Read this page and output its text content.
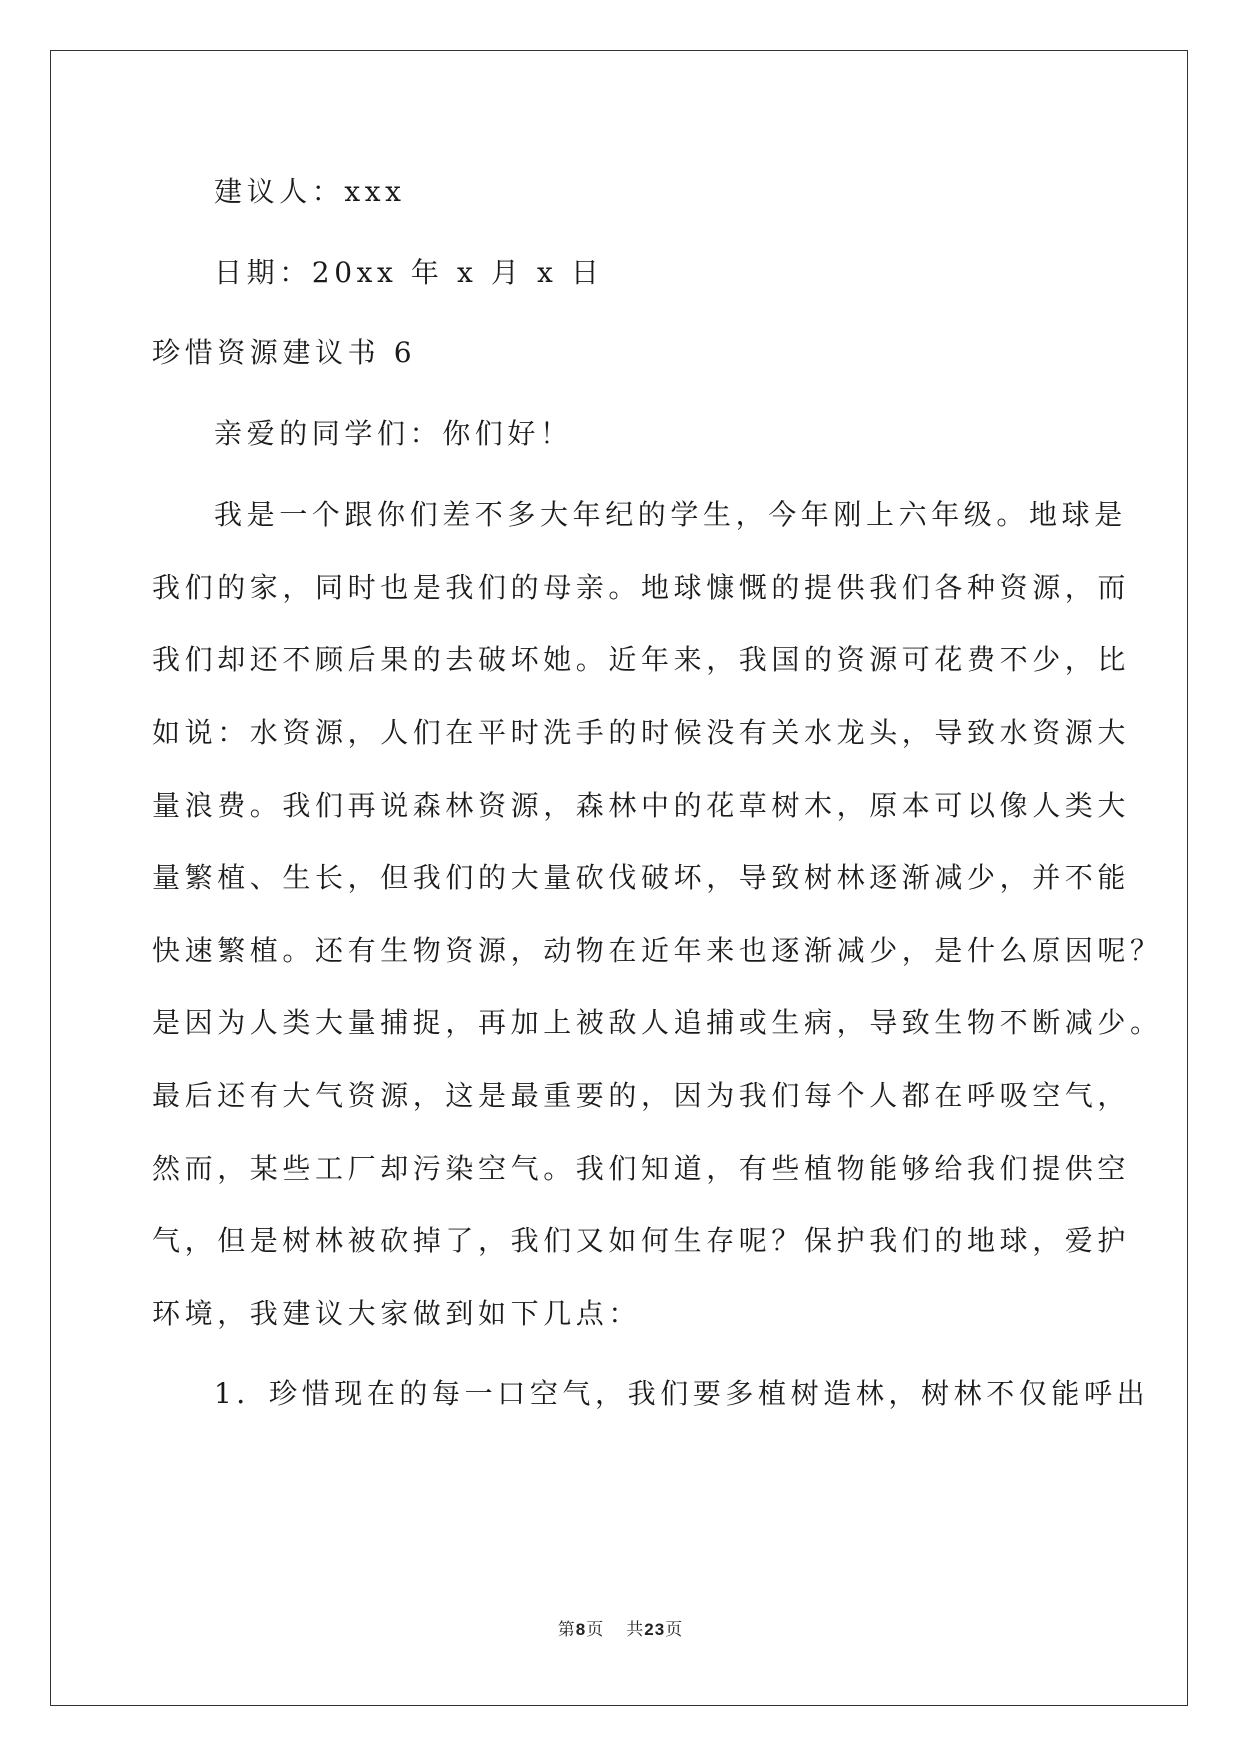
建议人：xxx
日期：20xx 年 x 月 x 日
珍惜资源建议书 6
亲爱的同学们：你们好！
我是一个跟你们差不多大年纪的学生，今年刚上六年级。地球是
我们的家，同时也是我们的母亲。地球慷慨的提供我们各种资源，而
我们却还不顾后果的去破坏她。近年来，我国的资源可花费不少，比
如说：水资源，人们在平时洗手的时候没有关水龙头，导致水资源大
量浪费。我们再说森林资源，森林中的花草树木，原本可以像人类大
量繁植、生长，但我们的大量砍伐破坏，导致树林逐渐减少，并不能
快速繁植。还有生物资源，动物在近年来也逐渐减少，是什么原因呢？
是因为人类大量捕捉，再加上被敌人追捕或生病，导致生物不断减少。
最后还有大气资源，这是最重要的，因为我们每个人都在呼吸空气，
然而，某些工厂却污染空气。我们知道，有些植物能够给我们提供空
气，但是树林被砍掉了，我们又如何生存呢？保护我们的地球，爱护
环境，我建议大家做到如下几点：
1．珍惜现在的每一口空气，我们要多植树造林，树林不仅能呼出
第8页 共23页
